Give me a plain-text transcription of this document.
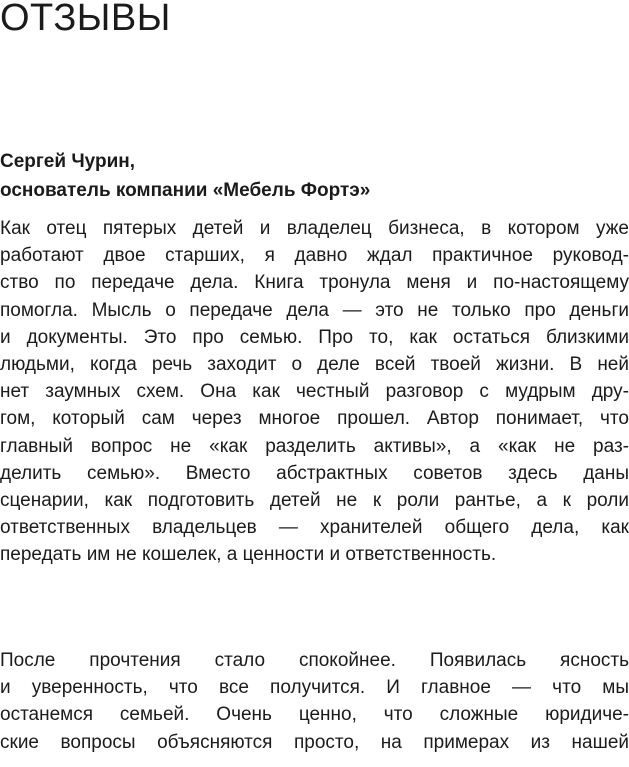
ОТЗЫВЫ
Сергей Чурин,
основатель компании «Мебель Фортэ»
Как отец пятерых детей и владелец бизнеса, в котором уже
работают двое старших, я давно ждал практичное руковод-
ство по передаче дела. Книга тронула меня и по-настоящему
помогла. Мысль о передаче дела — это не только про деньги
и документы. Это про семью. Про то, как остаться близкими
людьми, когда речь заходит о деле всей твоей жизни. В ней
нет заумных схем. Она как честный разговор с мудрым дру-
гом, который сам через многое прошел. Автор понимает, что
главный вопрос не «как разделить активы», а «как не раз-
делить семью». Вместо абстрактных советов здесь даны
сценарии, как подготовить детей не к роли рантье, а к роли
ответственных владельцев — хранителей общего дела, как
передать им не кошелек, а ценности и ответственность.
После прочтения стало спокойнее. Появилась ясность
и уверенность, что все получится. И главное — что мы
останемся семьей. Очень ценно, что сложные юридиче-
ские вопросы объясняются просто, на примерах из нашей
